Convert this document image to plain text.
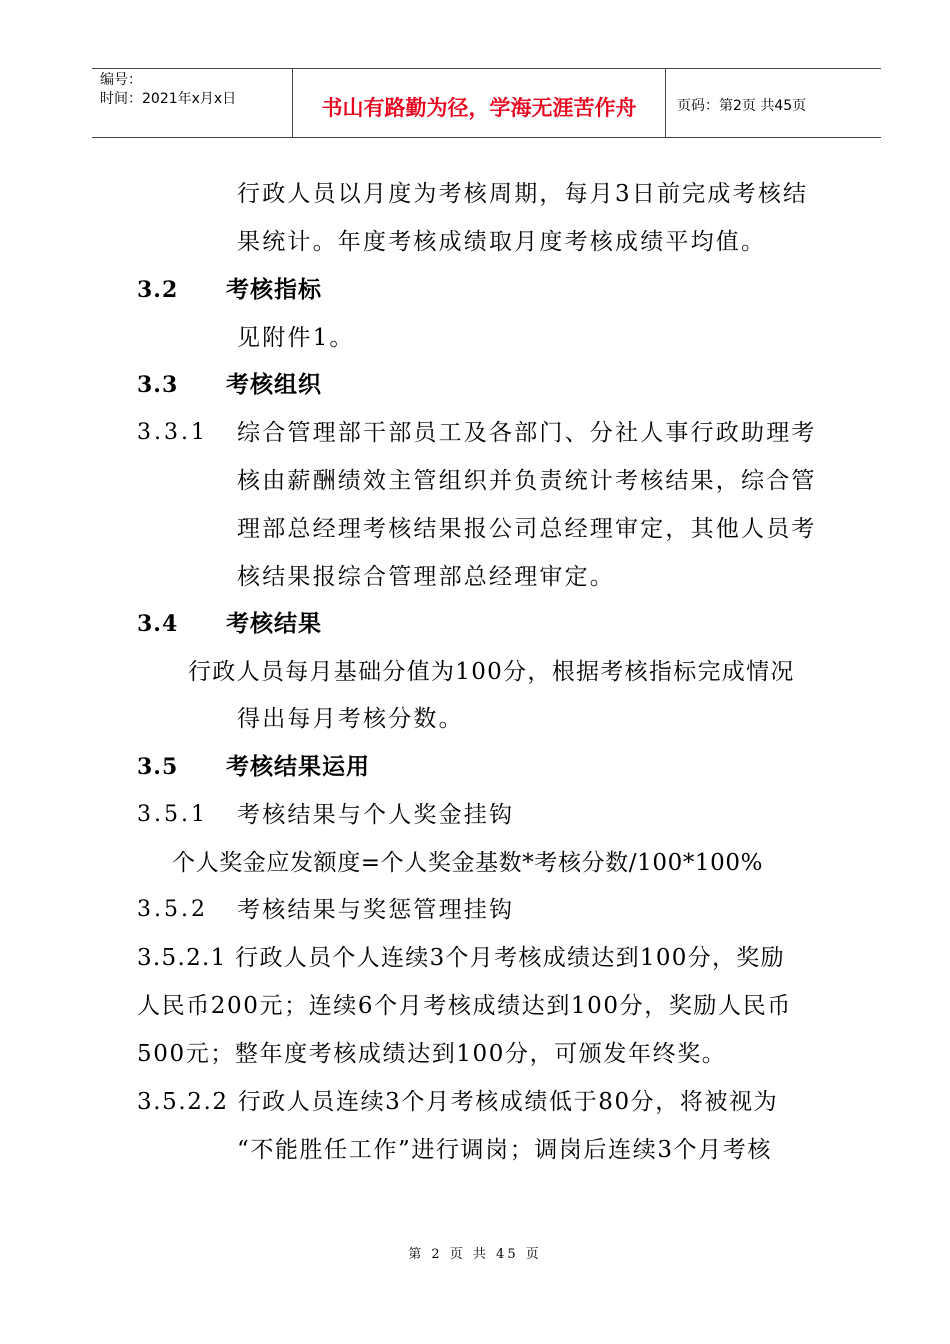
编号：
时间：2021年x月x日	书山有路勤为径，学海无涯苦作舟	页码：第2页 共45页
行政人员以月度为考核周期，每月3日前完成考核结
果统计。年度考核成绩取月度考核成绩平均值。
3.2 考核指标
见附件1。
3.3 考核组织
3.3.1 综合管理部干部员工及各部门、分社人事行政助理考
核由薪酬绩效主管组织并负责统计考核结果，综合管
理部总经理考核结果报公司总经理审定，其他人员考
核结果报综合管理部总经理审定。
3.4 考核结果
行政人员每月基础分值为100分，根据考核指标完成情况
得出每月考核分数。
3.5 考核结果运用
3.5.1 考核结果与个人奖金挂钩
个人奖金应发额度=个人奖金基数*考核分数/100*100%
3.5.2 考核结果与奖惩管理挂钩
3.5.2.1 行政人员个人连续3个月考核成绩达到100分，奖励
人民币200元；连续6个月考核成绩达到100分，奖励人民币
500元；整年度考核成绩达到100分，可颁发年终奖。
3.5.2.2 行政人员连续3个月考核成绩低于80分，将被视为
“不能胜任工作”进行调岗；调岗后连续3个月考核
第 2 页 共 45 页
